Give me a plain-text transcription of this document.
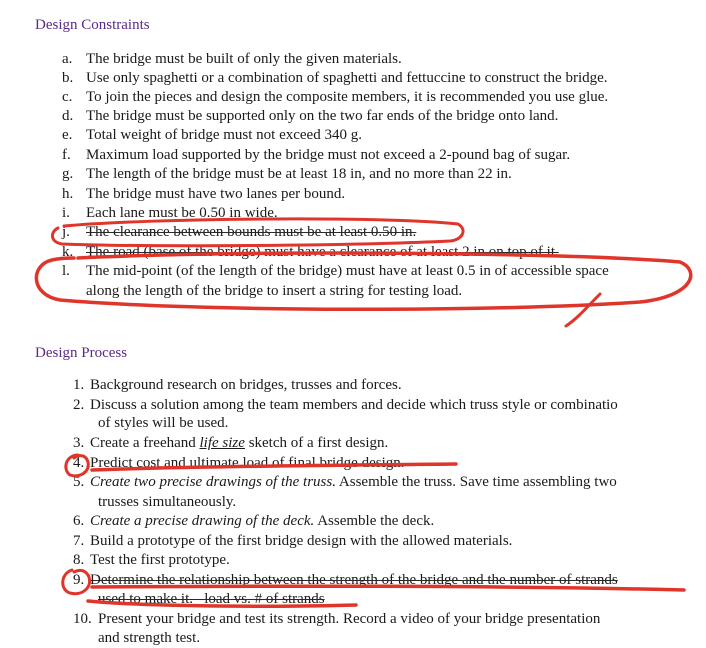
Design Constraints
a. The bridge must be built of only the given materials.
b. Use only spaghetti or a combination of spaghetti and fettuccine to construct the bridge.
c. To join the pieces and design the composite members, it is recommended you use glue.
d. The bridge must be supported only on the two far ends of the bridge onto land.
e. Total weight of bridge must not exceed 340 g.
f. Maximum load supported by the bridge must not exceed a 2-pound bag of sugar.
g. The length of the bridge must be at least 18 in, and no more than 22 in.
h. The bridge must have two lanes per bound.
i. Each lane must be 0.50 in wide.
j. The clearance between bounds must be at least 0.50 in.
k. The road (base of the bridge) must have a clearance of at least 2 in on top of it.
l. The mid-point (of the length of the bridge) must have at least 0.5 in of accessible space
along the length of the bridge to insert a string for testing load.
Design Process
1. Background research on bridges, trusses and forces.
2. Discuss a solution among the team members and decide which truss style or combinatio
of styles will be used.
3. Create a freehand life size sketch of a first design.
4. Predict cost and ultimate load of final bridge design.
5. Create two precise drawings of the truss. Assemble the truss. Save time assembling two
trusses simultaneously.
6. Create a precise drawing of the deck. Assemble the deck.
7. Build a prototype of the first bridge design with the allowed materials.
8. Test the first prototype.
9. Determine the relationship between the strength of the bridge and the number of strands
used to make it.   load vs. # of strands
10. Present your bridge and test its strength. Record a video of your bridge presentation
and strength test.
